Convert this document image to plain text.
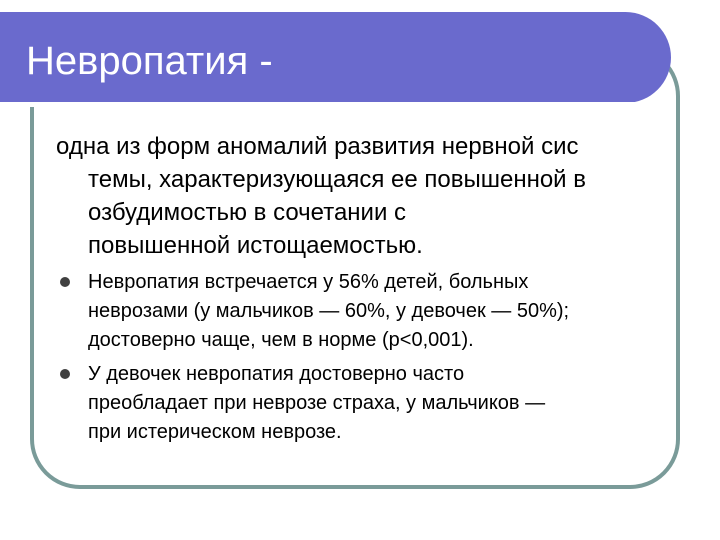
Невропатия -

одна из форм аномалий развития нервной сис
темы, характеризующаяся ее повышенной в
озбудимостью в сочетании с
повышенной истощаемостью.

Невропатия встречается у 56% детей, больных
неврозами (у мальчиков — 60%, у девочек — 50%);
достоверно чаще, чем в норме (p<0,001).
У девочек невропатия достоверно часто
преобладает при неврозе страха, у мальчиков —
при истерическом неврозе.
